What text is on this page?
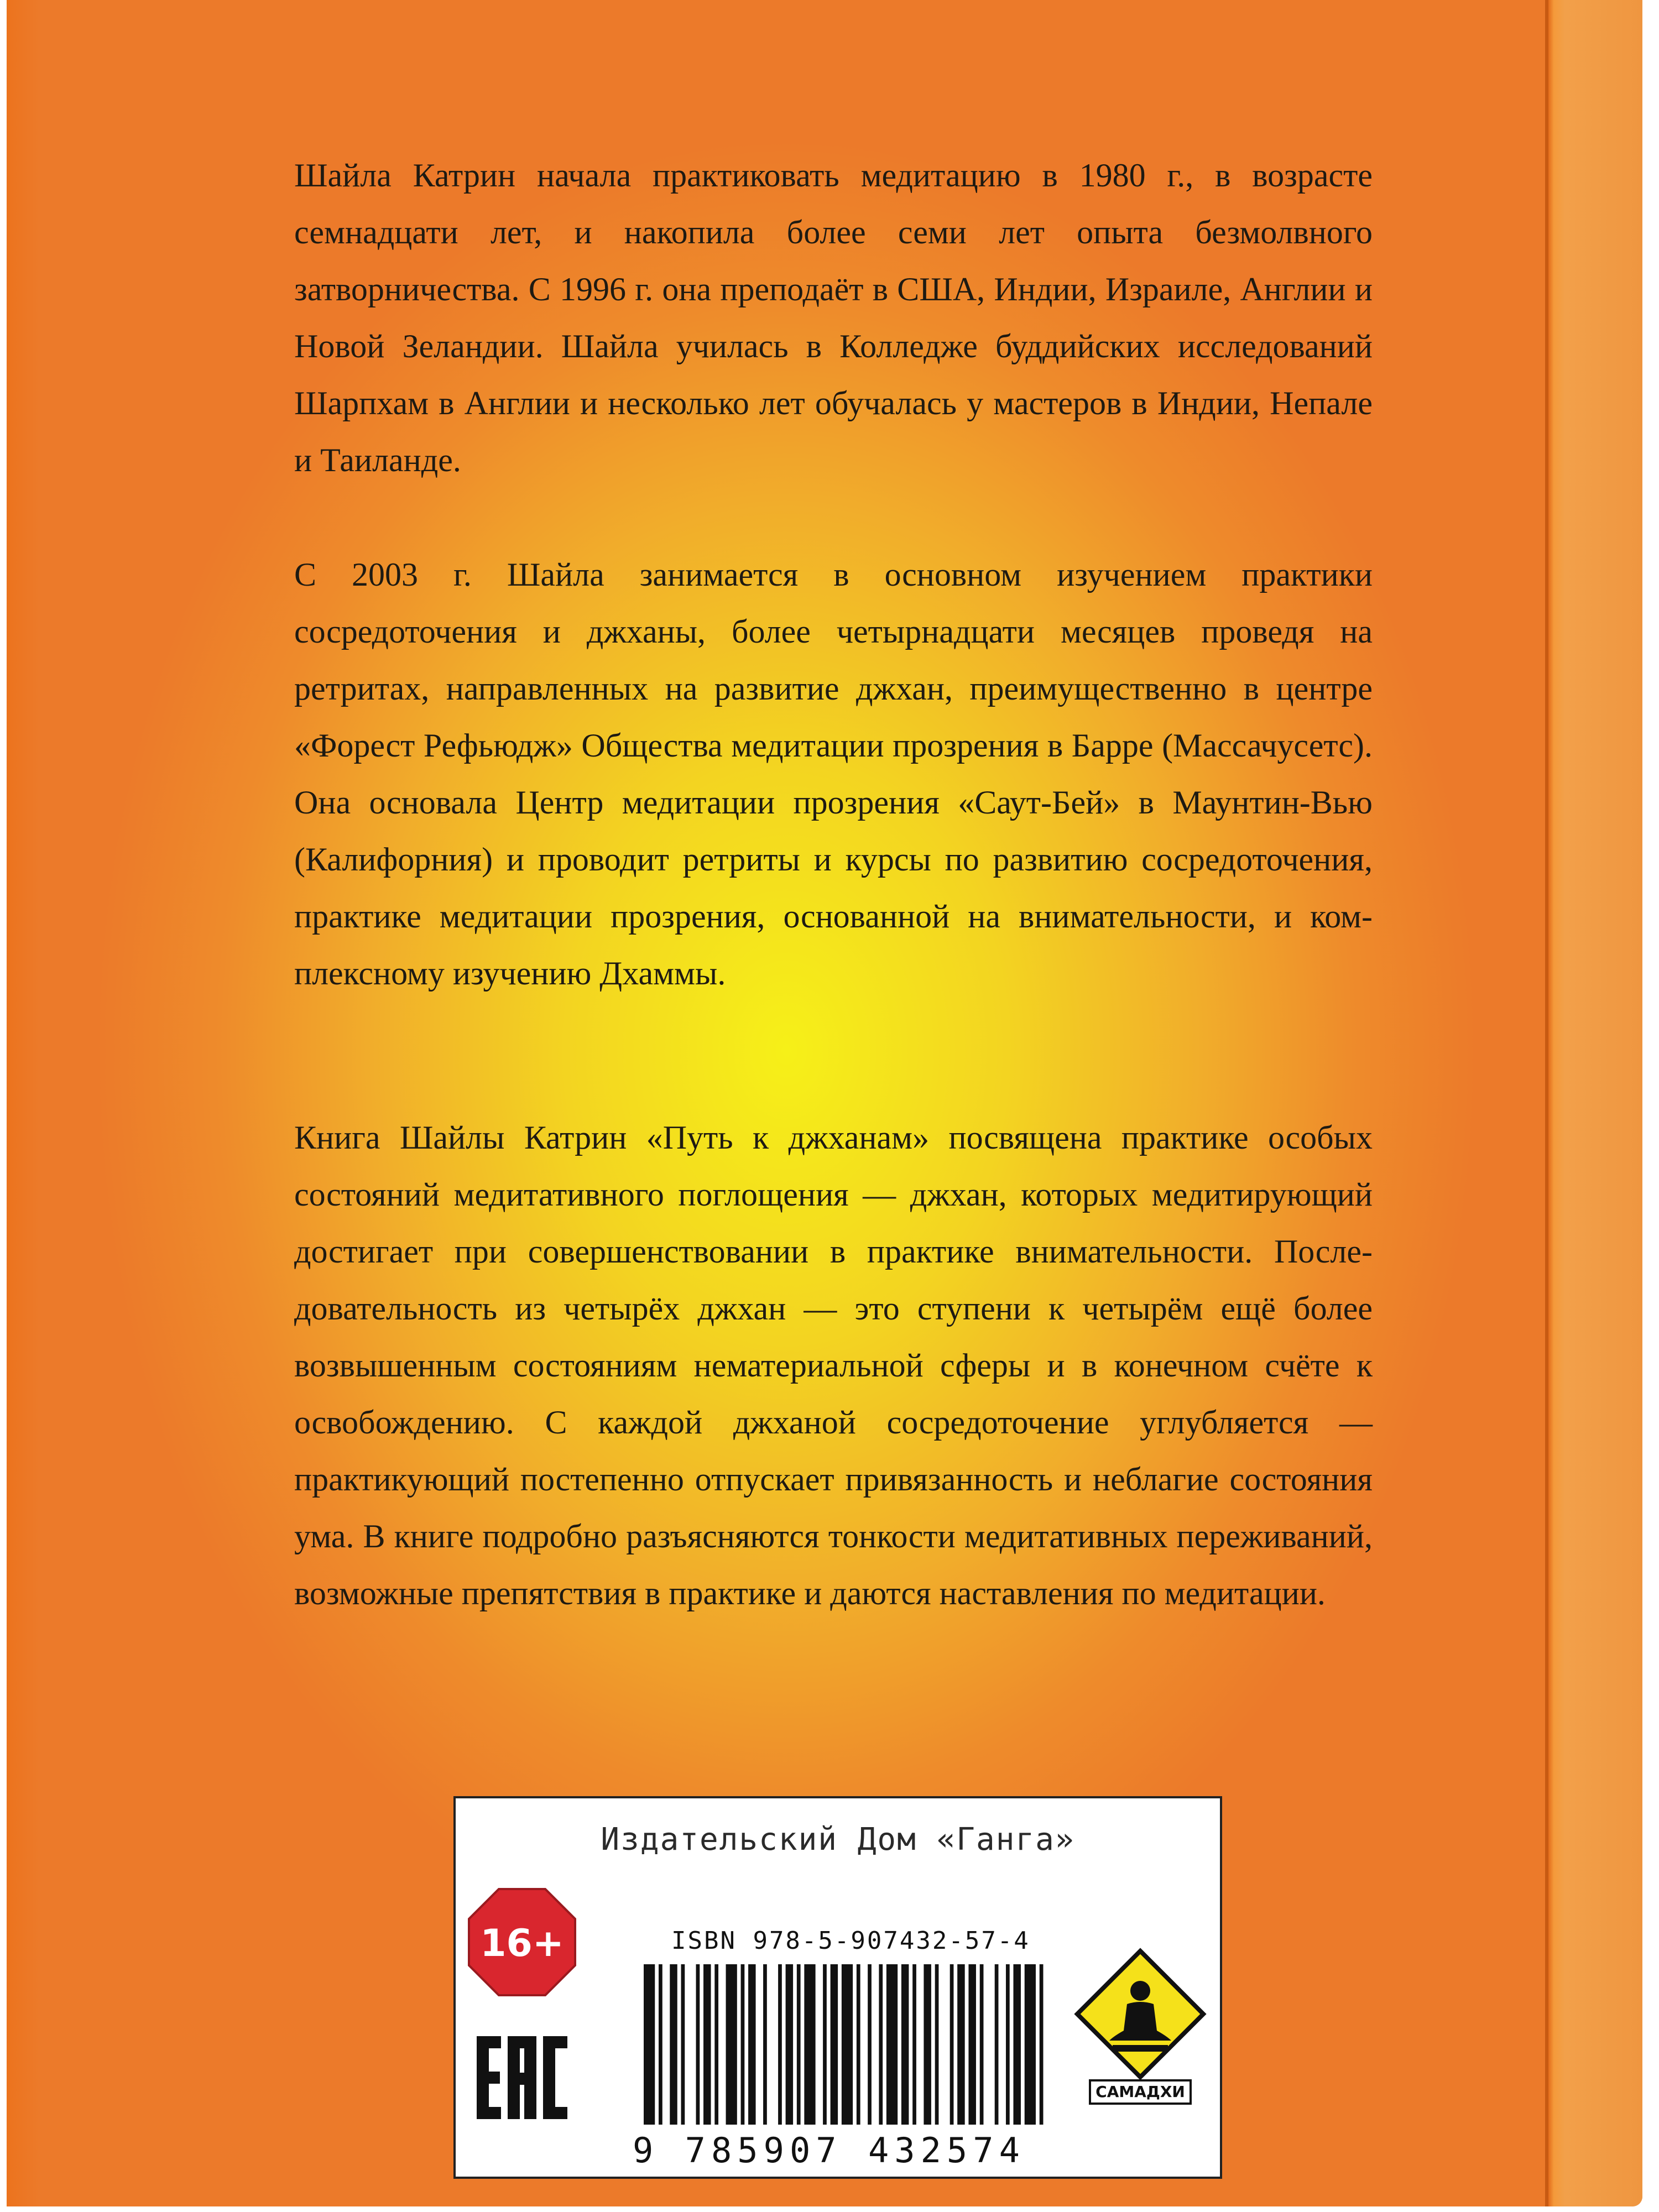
Шайла Катрин начала практиковать медитацию в 1980 г., в возрасте семнадцати лет, и накопила более семи лет опыта безмолвного затворничества. С 1996 г. она преподаёт в США, Индии, Израиле, Англии и Новой Зеландии. Шайла училась в Колледже буддийских исследований Шарпхам в Англии и несколько лет обучалась у мастеров в Индии, Непале и Таиланде.

С 2003 г. Шайла занимается в основном изучением практики сосредоточения и джханы, более четырнадцати месяцев проведя на ретритах, направленных на развитие джхан, преимущественно в центре «Форест Рефьюдж» Общества медитации прозрения в Барре (Массачусетс). Она основала Центр медитации прозрения «Саут-Бей» в Маунтин-Вью (Калифорния) и проводит ретриты и курсы по развитию сосредоточения, практике медитации прозрения, основанной на внимательности, и комплексному изучению Дхаммы.

Книга Шайлы Катрин «Путь к джханам» посвящена практике особых состояний медитативного поглощения — джхан, которых медитирующий достигает при совершенствовании в практике внимательности. Последовательность из четырёх джхан — это ступени к четырём ещё более возвышенным состояниям нематериальной сферы и в конечном счёте к освобождению. С каждой джханой сосредоточение углубляется — практикующий постепенно отпускает привязанность и неблагие состояния ума. В книге подробно разъясняются тонкости медитативных переживаний, возможные препятствия в практике и даются наставления по медитации.

Издательский Дом «Ганга»
16+	ISBN 978-5-907432-57-4
9 785907 432574
САМАДХИ
